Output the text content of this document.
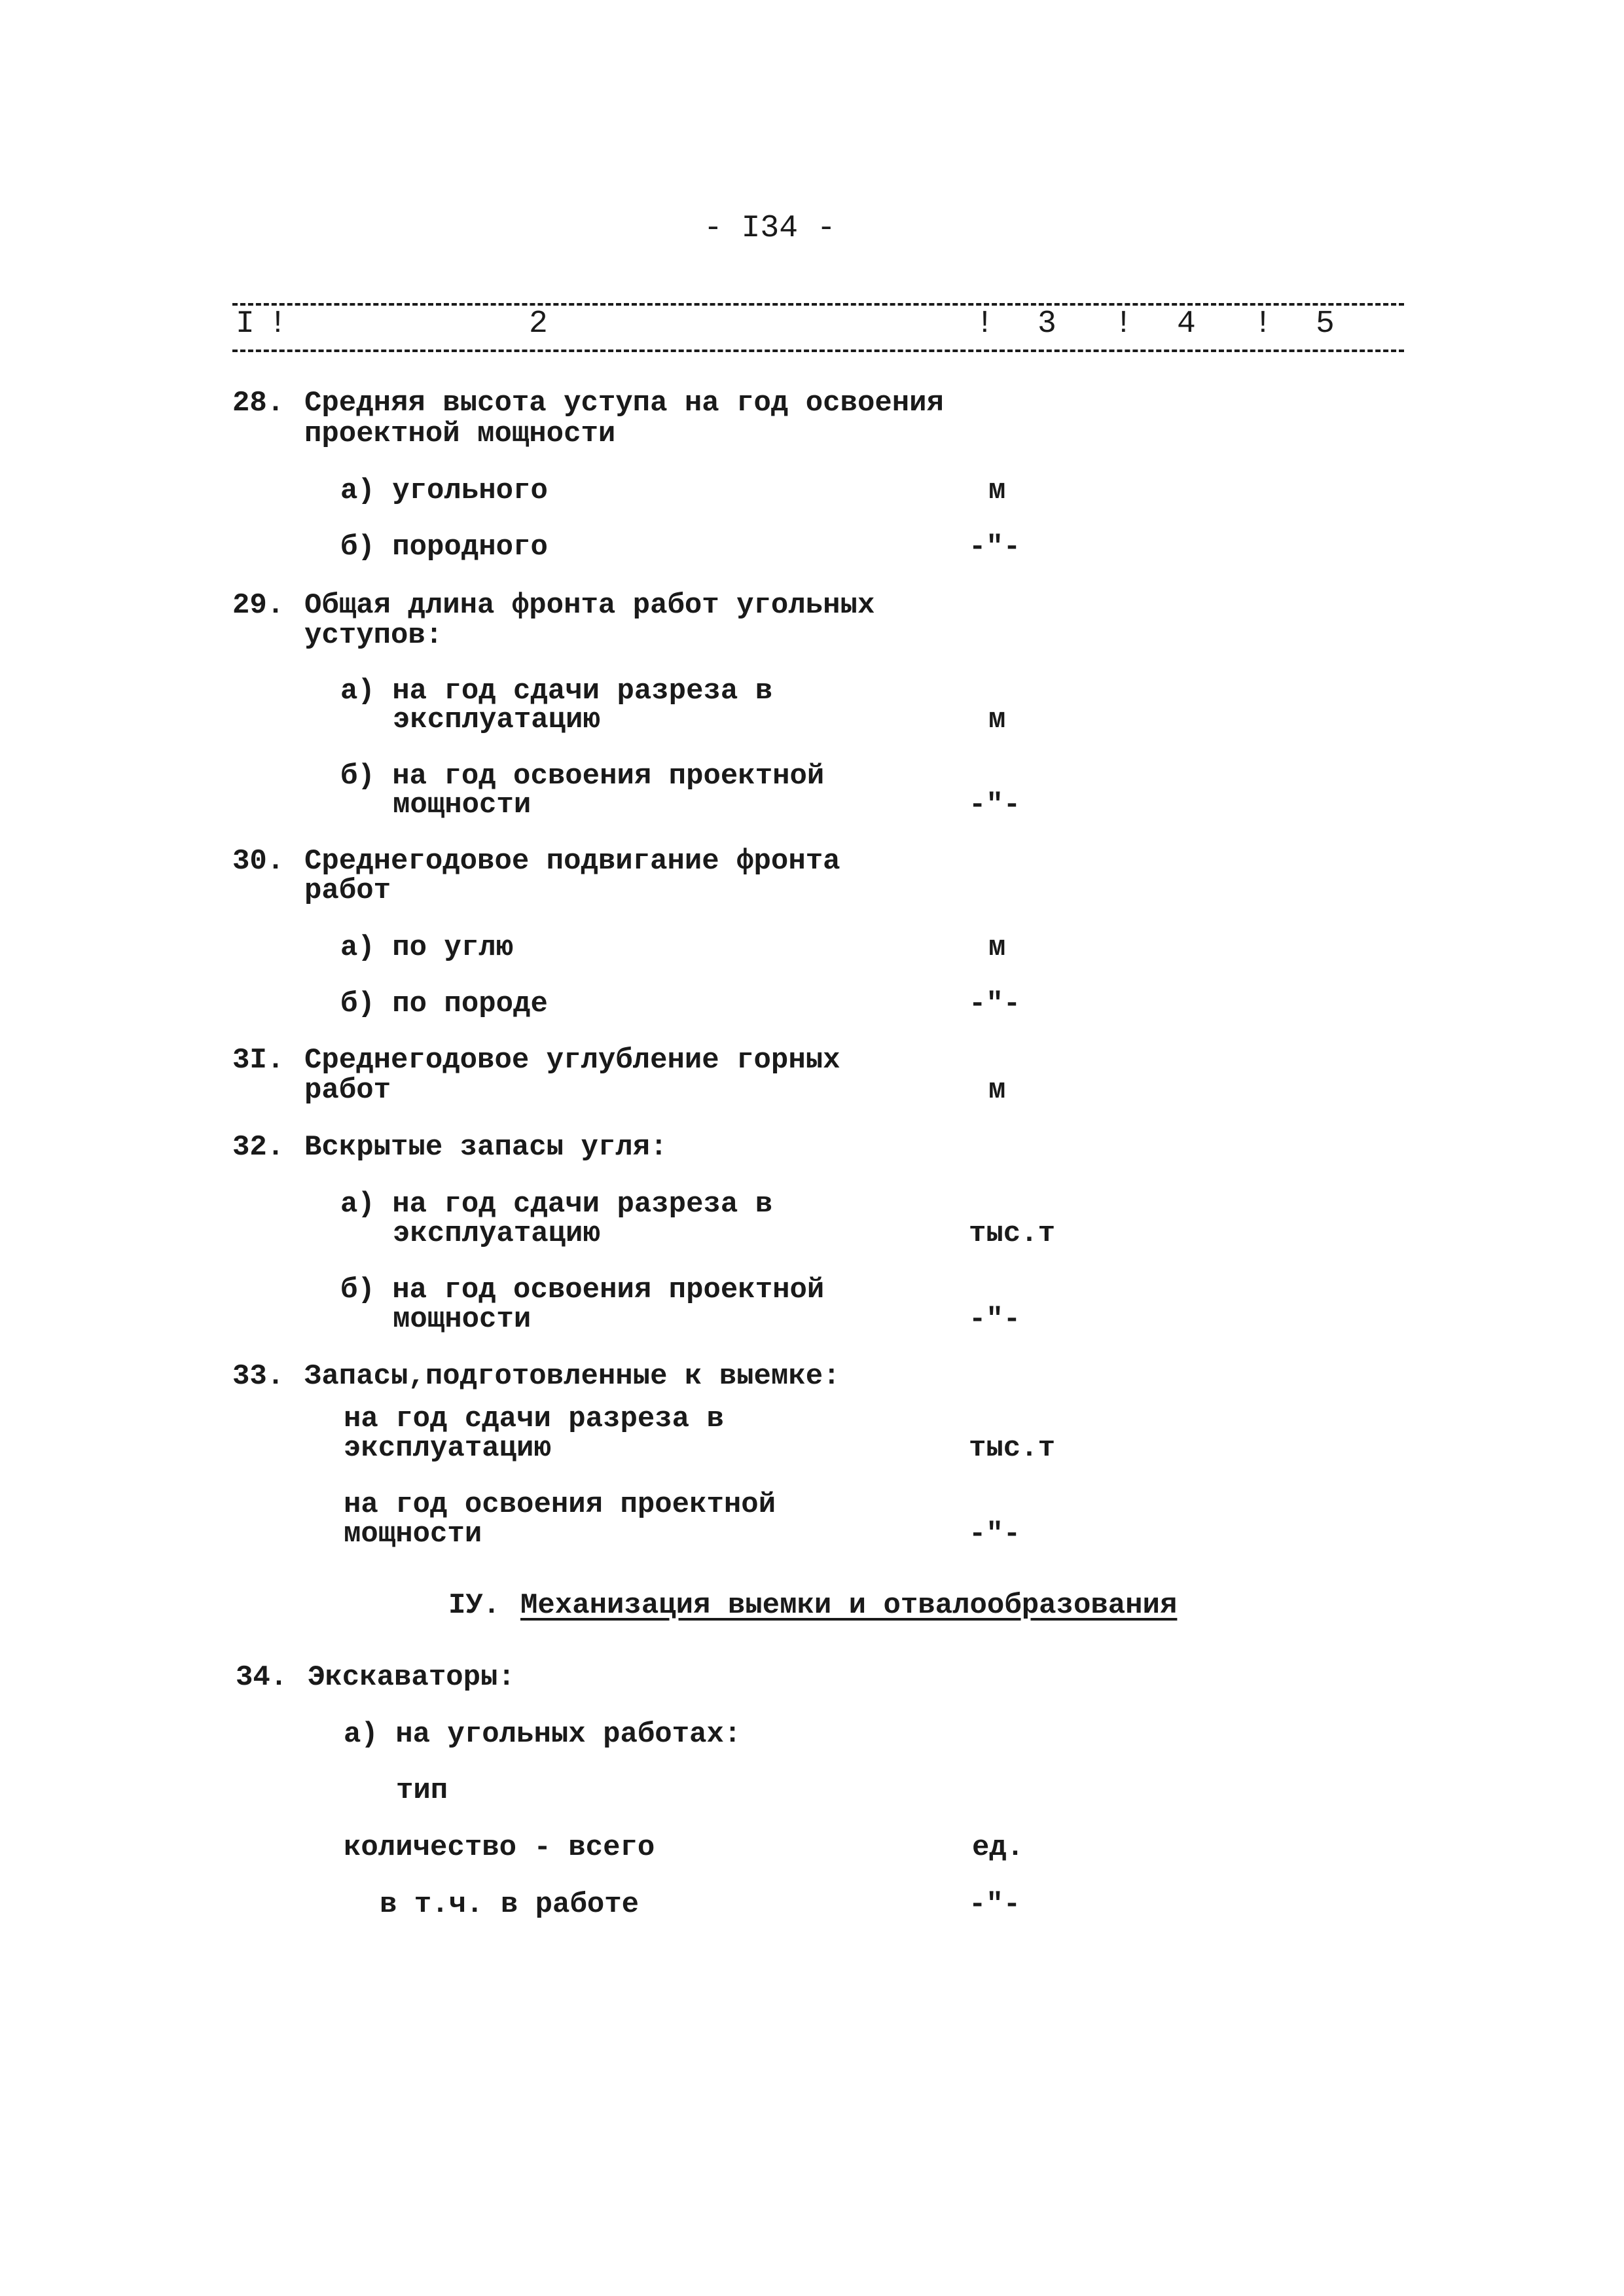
- I34 -
I !	2	! 3 ! 4 ! 5
28. Средняя высота уступа на год освоения
проектной мощности
а) угольного	м
б) породного	-"-
29. Общая длина фронта работ угольных
уступов:
а) на год сдачи разреза в
эксплуатацию	м
б) на год освоения проектной
мощности	-"-
30. Среднегодовое подвигание фронта
работ
а) по углю	м
б) по породе	-"-
3I. Среднегодовое углубление горных
работ	м
32. Вскрытые запасы угля:
а) на год сдачи разреза в
эксплуатацию	тыс.т
б) на год освоения проектной
мощности	-"-
33. Запасы,подготовленные к выемке:
на год сдачи разреза в
эксплуатацию	тыс.т
на год освоения проектной
мощности	-"-
IУ. Механизация выемки и отвалообразования
34. Экскаваторы:
а) на угольных работах:
тип
количество - всего	ед.
в т.ч. в работе	-"-
